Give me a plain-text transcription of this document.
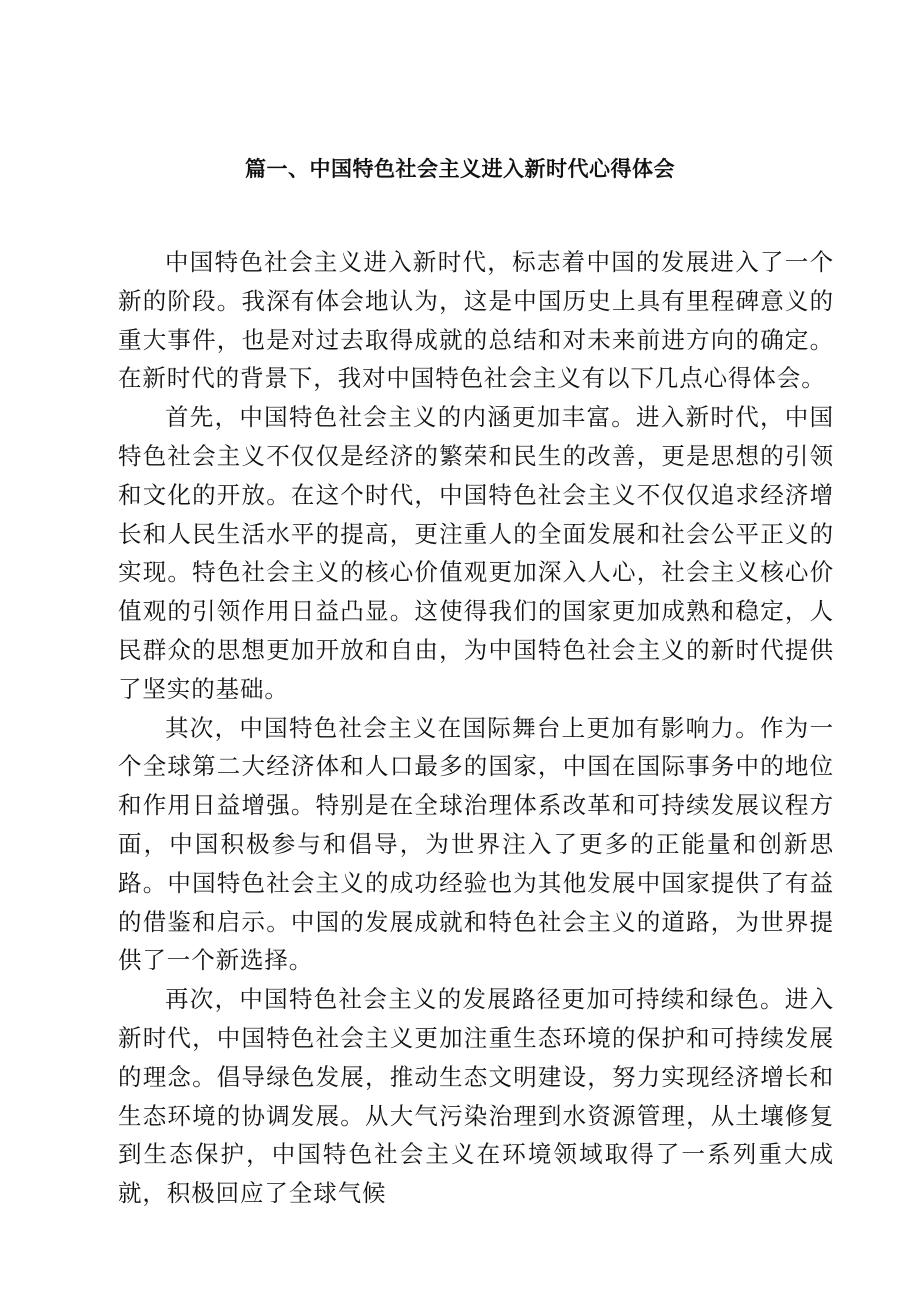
篇一、中国特色社会主义进入新时代心得体会

中国特色社会主义进入新时代，标志着中国的发展进入了一个新的阶段。我深有体会地认为，这是中国历史上具有里程碑意义的重大事件，也是对过去取得成就的总结和对未来前进方向的确定。在新时代的背景下，我对中国特色社会主义有以下几点心得体会。

首先，中国特色社会主义的内涵更加丰富。进入新时代，中国特色社会主义不仅仅是经济的繁荣和民生的改善，更是思想的引领和文化的开放。在这个时代，中国特色社会主义不仅仅追求经济增长和人民生活水平的提高，更注重人的全面发展和社会公平正义的实现。特色社会主义的核心价值观更加深入人心，社会主义核心价值观的引领作用日益凸显。这使得我们的国家更加成熟和稳定，人民群众的思想更加开放和自由，为中国特色社会主义的新时代提供了坚实的基础。

其次，中国特色社会主义在国际舞台上更加有影响力。作为一个全球第二大经济体和人口最多的国家，中国在国际事务中的地位和作用日益增强。特别是在全球治理体系改革和可持续发展议程方面，中国积极参与和倡导，为世界注入了更多的正能量和创新思路。中国特色社会主义的成功经验也为其他发展中国家提供了有益的借鉴和启示。中国的发展成就和特色社会主义的道路，为世界提供了一个新选择。

再次，中国特色社会主义的发展路径更加可持续和绿色。进入新时代，中国特色社会主义更加注重生态环境的保护和可持续发展的理念。倡导绿色发展，推动生态文明建设，努力实现经济增长和生态环境的协调发展。从大气污染治理到水资源管理，从土壤修复到生态保护，中国特色社会主义在环境领域取得了一系列重大成就，积极回应了全球气候
